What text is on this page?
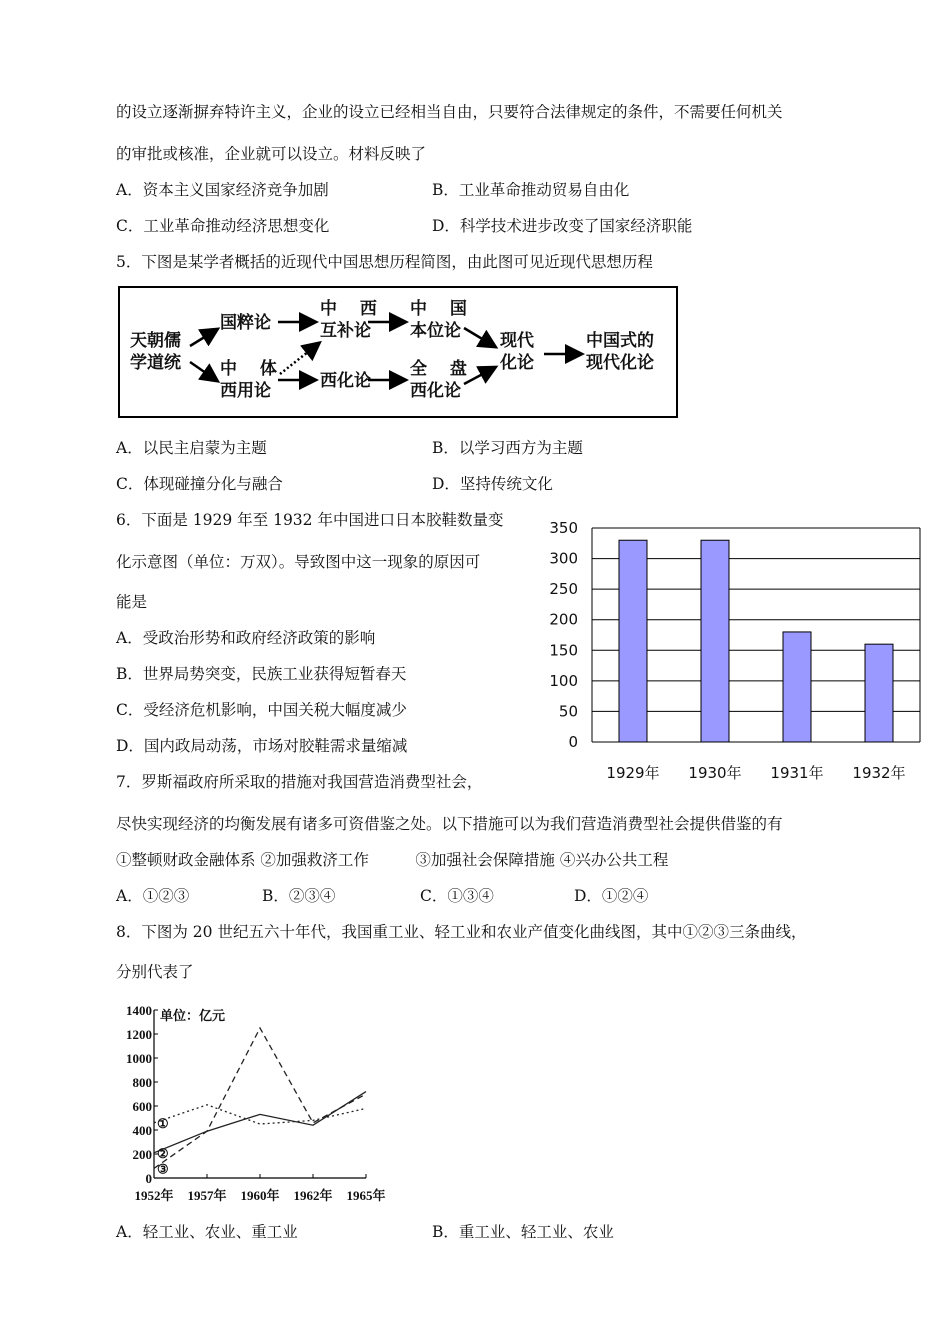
的设立逐渐摒弃特许主义，企业的设立已经相当自由，只要符合法律规定的条件，不需要任何机关
的审批或核准，企业就可以设立。材料反映了
A．资本主义国家经济竞争加剧	B．工业革命推动贸易自由化
C．工业革命推动经济思想变化	D．科学技术进步改变了国家经济职能
5．下图是某学者概括的近现代中国思想历程简图，由此图可见近现代思想历程
天朝儒
学道统
国粹论
中　 体
西用论
中　 西
互补论
西化论
中　 国
本位论
全　 盘
西化论
现代
化论
中国式的
现代化论
A．以民主启蒙为主题	B．以学习西方为主题
C．体现碰撞分化与融合	D．坚持传统文化
6．下面是 1929 年至 1932 年中国进口日本胶鞋数量变
化示意图（单位：万双）。导致图中这一现象的原因可
能是
A．受政治形势和政府经济政策的影响
B．世界局势突变，民族工业获得短暂春天
C．受经济危机影响，中国关税大幅度减少
D．国内政局动荡，市场对胶鞋需求量缩减	0
50
100
150
200
250
300
350
1929年 1930年 1931年 1932年
7．罗斯福政府所采取的措施对我国营造消费型社会，
尽快实现经济的均衡发展有诸多可资借鉴之处。以下措施可以为我们营造消费型社会提供借鉴的有
①整顿财政金融体系 ②加强救济工作　　　③加强社会保障措施 ④兴办公共工程
A．①②③	B．②③④	C．①③④	D．①②④
8．下图为 20 世纪五六十年代，我国重工业、轻工业和农业产值变化曲线图，其中①②③三条曲线，
分别代表了
0
200
400
600
800
1000
1200
1400
1952年 1957年 1960年 1962年 1965年
单位：亿元
①
②
③
A．轻工业、农业、重工业	B．重工业、轻工业、农业
